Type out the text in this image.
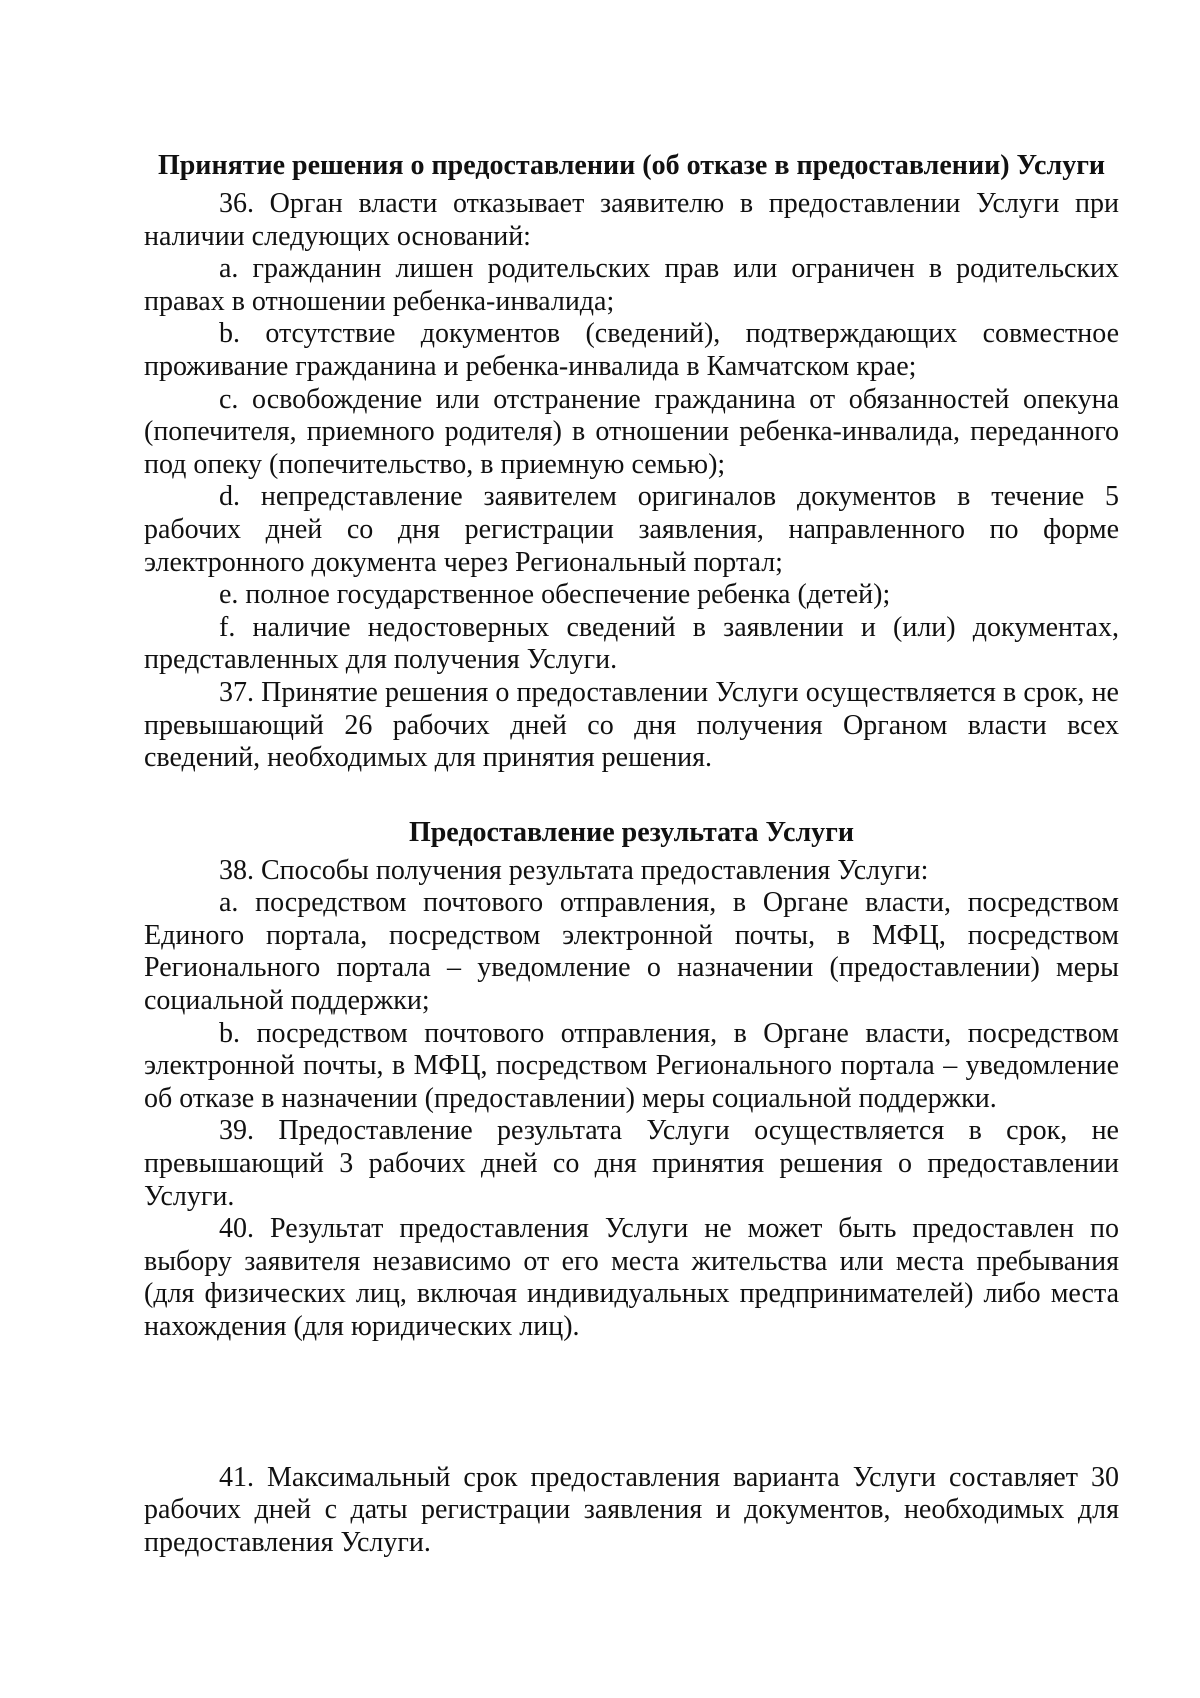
Принятие решения о предоставлении (об отказе в предоставлении) Услуги

36. Орган власти отказывает заявителю в предоставлении Услуги при наличии следующих оснований:

a. гражданин лишен родительских прав или ограничен в родительских правах в отношении ребенка-инвалида;

b. отсутствие документов (сведений), подтверждающих совместное проживание гражданина и ребенка-инвалида в Камчатском крае;

c. освобождение или отстранение гражданина от обязанностей опекуна (попечителя, приемного родителя) в отношении ребенка-инвалида, переданного под опеку (попечительство, в приемную семью);

d. непредставление заявителем оригиналов документов в течение 5 рабочих дней со дня регистрации заявления, направленного по форме электронного документа через Региональный портал;

e. полное государственное обеспечение ребенка (детей);

f. наличие недостоверных сведений в заявлении и (или) документах, представленных для получения Услуги.

37. Принятие решения о предоставлении Услуги осуществляется в срок, не превышающий 26 рабочих дней со дня получения Органом власти всех сведений, необходимых для принятия решения.

Предоставление результата Услуги

38. Способы получения результата предоставления Услуги:

a. посредством почтового отправления, в Органе власти, посредством Единого портала, посредством электронной почты, в МФЦ, посредством Регионального портала – уведомление о назначении (предоставлении) меры социальной поддержки;

b. посредством почтового отправления, в Органе власти, посредством электронной почты, в МФЦ, посредством Регионального портала – уведомление об отказе в назначении (предоставлении) меры социальной поддержки.

39. Предоставление результата Услуги осуществляется в срок, не превышающий 3 рабочих дней со дня принятия решения о предоставлении Услуги.

40. Результат предоставления Услуги не может быть предоставлен по выбору заявителя независимо от его места жительства или места пребывания (для физических лиц, включая индивидуальных предпринимателей) либо места нахождения (для юридических лиц).

41. Максимальный срок предоставления варианта Услуги составляет 30 рабочих дней с даты регистрации заявления и документов, необходимых для предоставления Услуги.
